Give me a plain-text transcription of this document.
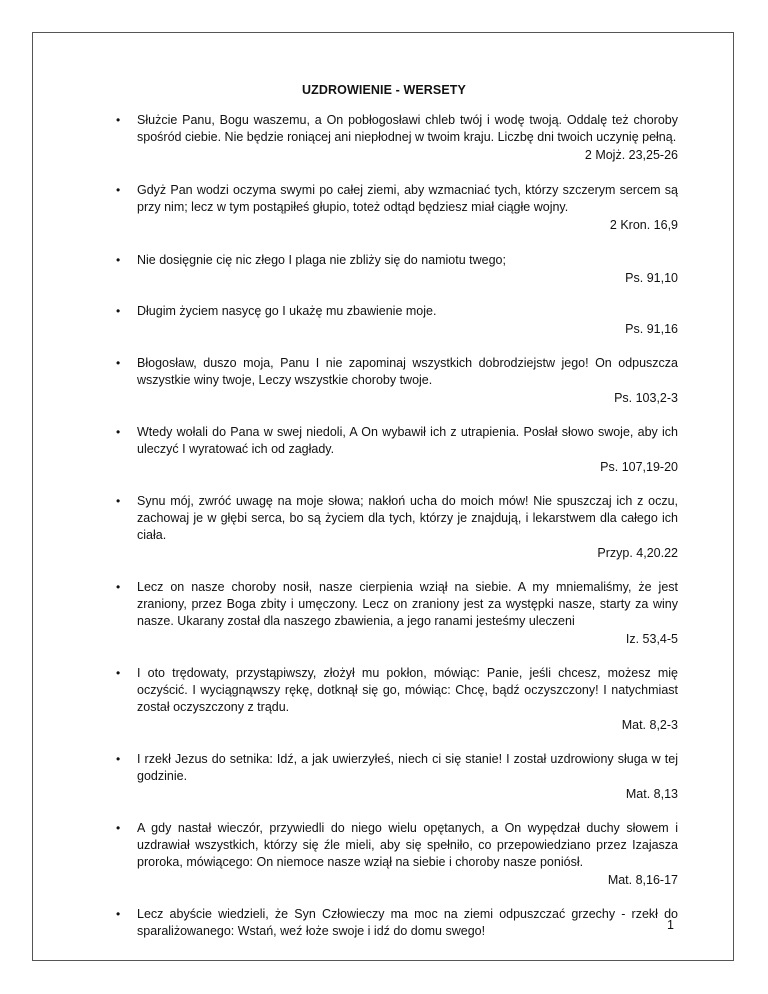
UZDROWIENIE - WERSETY
• Służcie Panu, Bogu waszemu, a On pobłogosławi chleb twój i wodę twoją. Oddalę też choroby spośród ciebie. Nie będzie roniącej ani niepłodnej w twoim kraju. Liczbę dni twoich uczynię pełną.
2 Mojż. 23,25-26
• Gdyż Pan wodzi oczyma swymi po całej ziemi, aby wzmacniać tych, którzy szczerym sercem są przy nim; lecz w tym postąpiłeś głupio, toteż odtąd będziesz miał ciągłe wojny.
2 Kron. 16,9
• Nie dosięgnie cię nic złego I plaga nie zbliży się do namiotu twego;
Ps. 91,10
• Długim życiem nasycę go I ukażę mu zbawienie moje.
Ps. 91,16
• Błogosław, duszo moja, Panu I nie zapominaj wszystkich dobrodziejstw jego! On odpuszcza wszystkie winy twoje, Leczy wszystkie choroby twoje.
Ps. 103,2-3
• Wtedy wołali do Pana w swej niedoli, A On wybawił ich z utrapienia. Posłał słowo swoje, aby ich uleczyć I wyratować ich od zagłady.
Ps. 107,19-20
• Synu mój, zwróć uwagę na moje słowa; nakłoń ucha do moich mów! Nie spuszczaj ich z oczu, zachowaj je w głębi serca, bo są życiem dla tych, którzy je znajdują, i lekarstwem dla całego ich ciała.
Przyp. 4,20.22
• Lecz on nasze choroby nosił, nasze cierpienia wziął na siebie. A my mniemaliśmy, że jest zraniony, przez Boga zbity i umęczony. Lecz on zraniony jest za występki nasze, starty za winy nasze. Ukarany został dla naszego zbawienia, a jego ranami jesteśmy uleczeni
Iz. 53,4-5
• I oto trędowaty, przystąpiwszy, złożył mu pokłon, mówiąc: Panie, jeśli chcesz, możesz mię oczyścić. I wyciągnąwszy rękę, dotknął się go, mówiąc: Chcę, bądź oczyszczony! I natychmiast został oczyszczony z trądu.
Mat. 8,2-3
• I rzekł Jezus do setnika: Idź, a jak uwierzyłeś, niech ci się stanie! I został uzdrowiony sługa w tej godzinie.
Mat. 8,13
• A gdy nastał wieczór, przywiedli do niego wielu opętanych, a On wypędzał duchy słowem i uzdrawiał wszystkich, którzy się źle mieli, aby się spełniło, co przepowiedziano przez Izajasza proroka, mówiącego: On niemoce nasze wziął na siebie i choroby nasze poniósł.
Mat. 8,16-17
• Lecz abyście wiedzieli, że Syn Człowieczy ma moc na ziemi odpuszczać grzechy - rzekł do sparaliżowanego: Wstań, weź łoże swoje i idź do domu swego!	1
